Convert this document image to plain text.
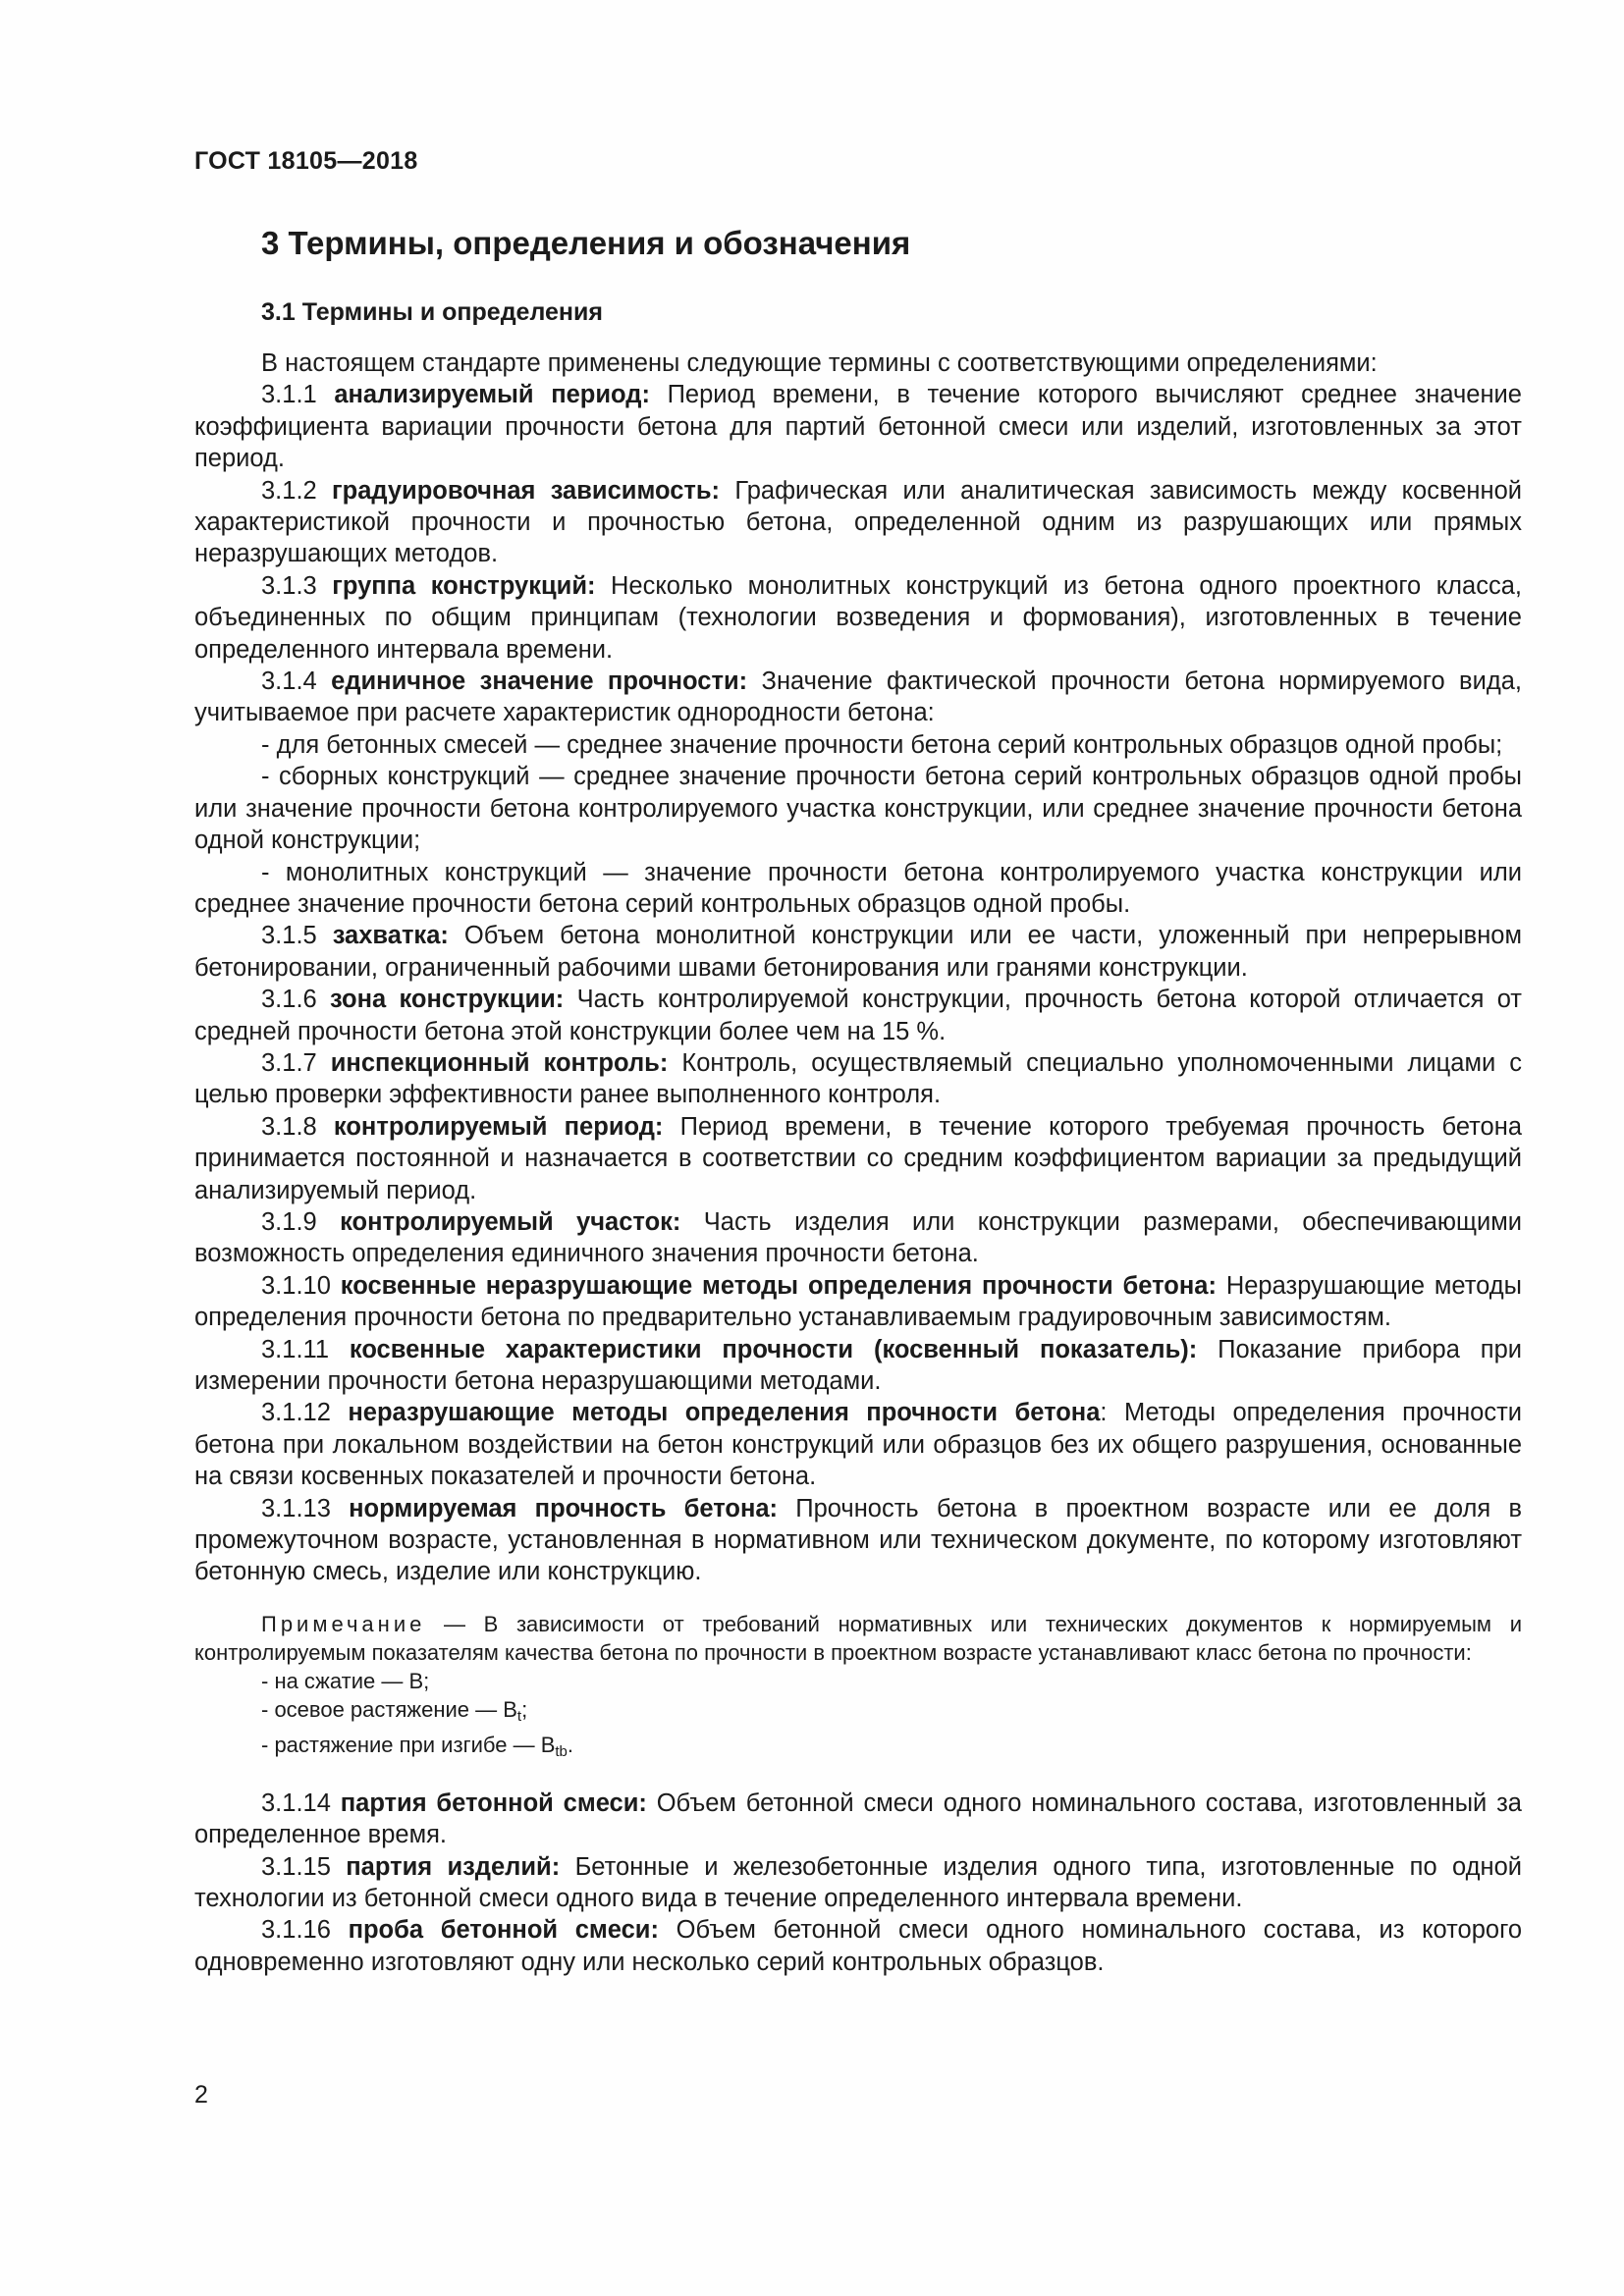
ГОСТ 18105—2018
3 Термины, определения и обозначения
3.1 Термины и определения

В настоящем стандарте применены следующие термины с соответствующими определениями:

3.1.1 анализируемый период: Период времени, в течение которого вычисляют среднее значение коэффициента вариации прочности бетона для партий бетонной смеси или изделий, изготовленных за этот период.

3.1.2 градуировочная зависимость: Графическая или аналитическая зависимость между косвенной характеристикой прочности и прочностью бетона, определенной одним из разрушающих или прямых неразрушающих методов.

3.1.3 группа конструкций: Несколько монолитных конструкций из бетона одного проектного класса, объединенных по общим принципам (технологии возведения и формования), изготовленных в течение определенного интервала времени.

3.1.4 единичное значение прочности: Значение фактической прочности бетона нормируемого вида, учитываемое при расчете характеристик однородности бетона:

- для бетонных смесей — среднее значение прочности бетона серий контрольных образцов одной пробы;

- сборных конструкций — среднее значение прочности бетона серий контрольных образцов одной пробы или значение прочности бетона контролируемого участка конструкции, или среднее значение прочности бетона одной конструкции;

- монолитных конструкций — значение прочности бетона контролируемого участка конструкции или среднее значение прочности бетона серий контрольных образцов одной пробы.

3.1.5 захватка: Объем бетона монолитной конструкции или ее части, уложенный при непрерывном бетонировании, ограниченный рабочими швами бетонирования или гранями конструкции.

3.1.6 зона конструкции: Часть контролируемой конструкции, прочность бетона которой отличается от средней прочности бетона этой конструкции более чем на 15 %.

3.1.7 инспекционный контроль: Контроль, осуществляемый специально уполномоченными лицами с целью проверки эффективности ранее выполненного контроля.

3.1.8 контролируемый период: Период времени, в течение которого требуемая прочность бетона принимается постоянной и назначается в соответствии со средним коэффициентом вариации за предыдущий анализируемый период.

3.1.9 контролируемый участок: Часть изделия или конструкции размерами, обеспечивающими возможность определения единичного значения прочности бетона.

3.1.10 косвенные неразрушающие методы определения прочности бетона: Неразрушающие методы определения прочности бетона по предварительно устанавливаемым градуировочным зависимостям.

3.1.11 косвенные характеристики прочности (косвенный показатель): Показание прибора при измерении прочности бетона неразрушающими методами.

3.1.12 неразрушающие методы определения прочности бетона: Методы определения прочности бетона при локальном воздействии на бетон конструкций или образцов без их общего разрушения, основанные на связи косвенных показателей и прочности бетона.

3.1.13 нормируемая прочность бетона: Прочность бетона в проектном возрасте или ее доля в промежуточном возрасте, установленная в нормативном или техническом документе, по которому изготовляют бетонную смесь, изделие или конструкцию.

Примечание — В зависимости от требований нормативных или технических документов к нормируемым и контролируемым показателям качества бетона по прочности в проектном возрасте устанавливают класс бетона по прочности:

- на сжатие — В;

- осевое растяжение — $B_t$;

- растяжение при изгибе — $B_{tb}$.

3.1.14 партия бетонной смеси: Объем бетонной смеси одного номинального состава, изготовленный за определенное время.

3.1.15 партия изделий: Бетонные и железобетонные изделия одного типа, изготовленные по одной технологии из бетонной смеси одного вида в течение определенного интервала времени.

3.1.16 проба бетонной смеси: Объем бетонной смеси одного номинального состава, из которого одновременно изготовляют одну или несколько серий контрольных образцов.

2
